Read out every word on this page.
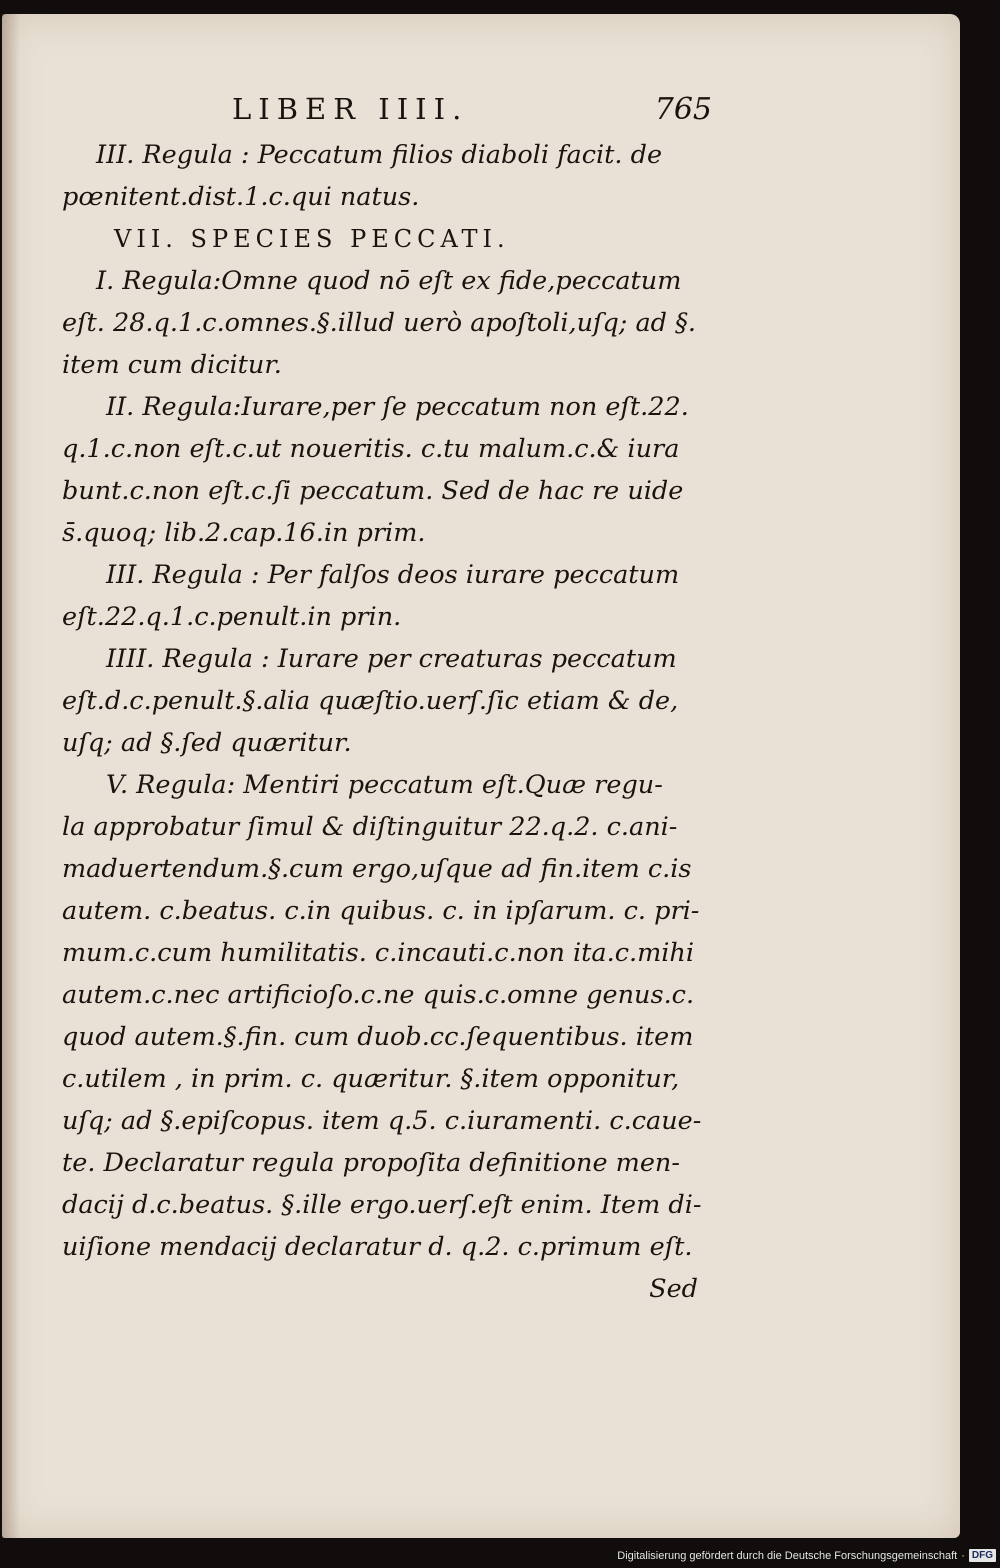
LIBER IIII.	765
III. Regula : Peccatum filios diaboli facit. de
pœnitent.dist.1.c.qui natus.
VII. SPECIES PECCATI.
I. Regula:Omne quod nō eſt ex fide,peccatum
eſt. 28.q.1.c.omnes.§.illud uerò apoſtoli,uſq; ad §.
item cum dicitur.
II. Regula:Iurare,per ſe peccatum non eſt.22.
q.1.c.non eſt.c.ut noueritis. c.tu malum.c.& iura
bunt.c.non eſt.c.ſi peccatum. Sed de hac re uide
s̄.quoq; lib.2.cap.16.in prim.
III. Regula : Per falſos deos iurare peccatum
eſt.22.q.1.c.penult.in prin.
IIII. Regula : Iurare per creaturas peccatum
eſt.d.c.penult.§.alia quæſtio.uerſ.ſic etiam & de,
uſq; ad §.ſed quæritur.
V. Regula: Mentiri peccatum eſt.Quæ regu-
la approbatur ſimul & diſtinguitur 22.q.2. c.ani-
maduertendum.§.cum ergo,uſque ad fin.item c.is
autem. c.beatus. c.in quibus. c. in ipſarum. c. pri-
mum.c.cum humilitatis. c.incauti.c.non ita.c.mihi
autem.c.nec artificioſo.c.ne quis.c.omne genus.c.
quod autem.§.fin. cum duob.cc.ſequentibus. item
c.utilem , in prim. c. quæritur. §.item opponitur,
uſq; ad §.epiſcopus. item q.5. c.iuramenti. c.caue-
te. Declaratur regula propoſita definitione men-
dacij d.c.beatus. §.ille ergo.uerſ.eſt enim. Item di-
uiſione mendacij declaratur d. q.2. c.primum eſt.
Sed
Digitalisierung gefördert durch die Deutsche Forschungsgemeinschaft · DFG
